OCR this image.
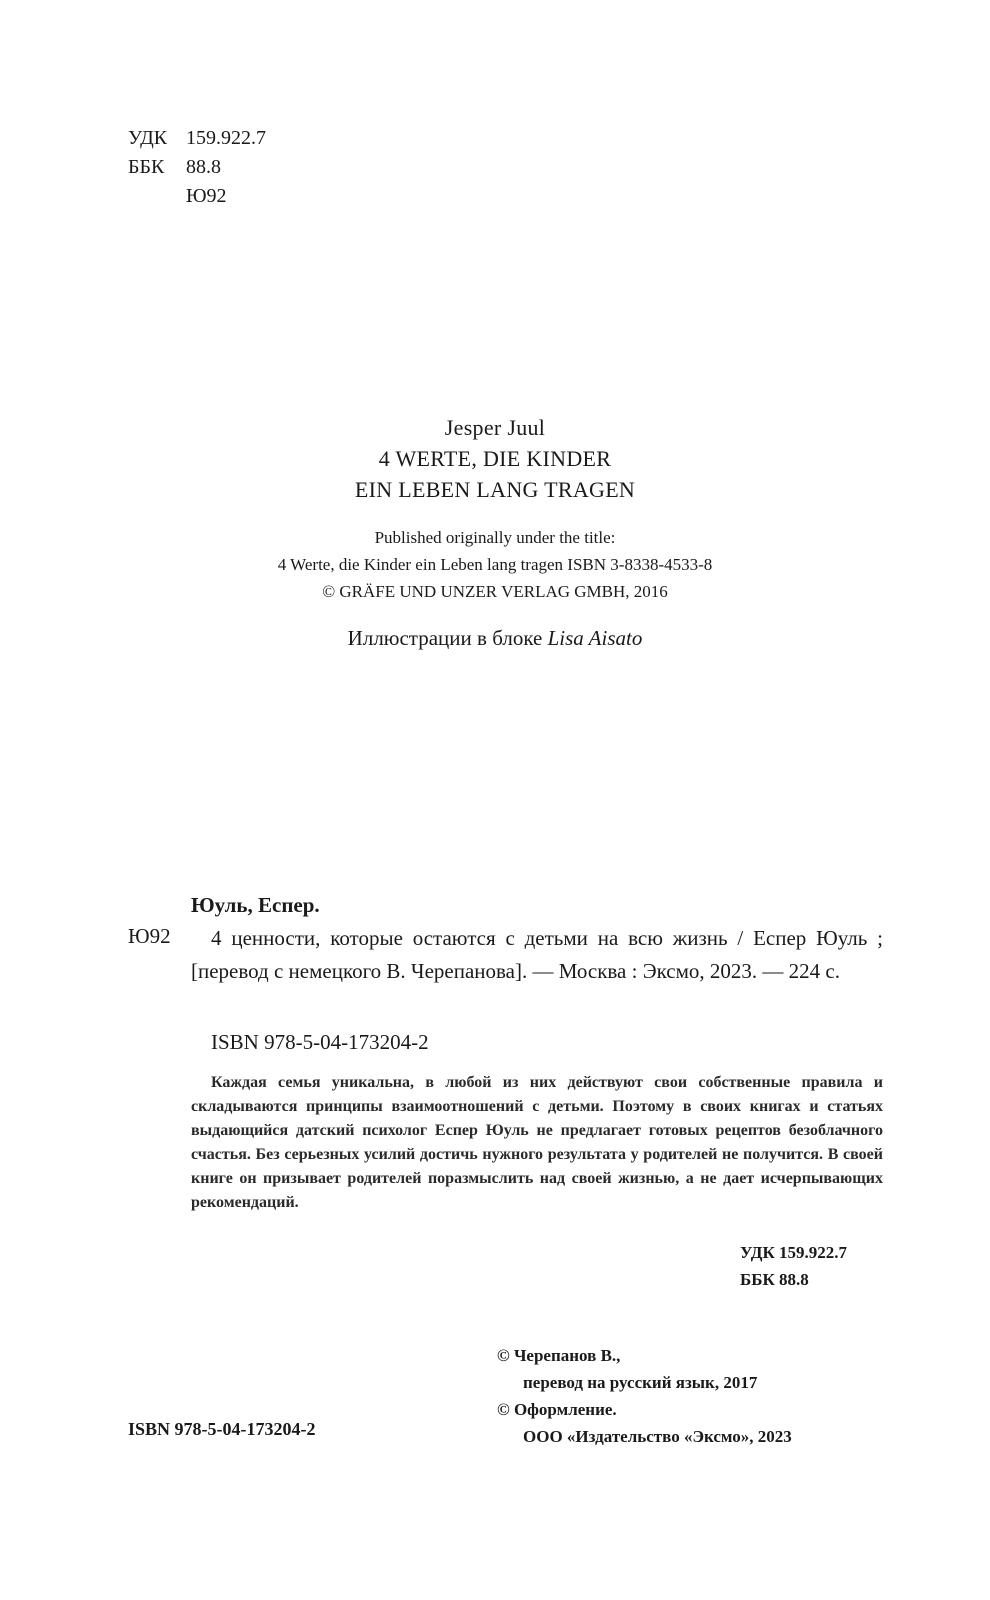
УДК 159.922.7
ББК	88.8
Ю92
Jesper Juul
4 WERTE, DIE KINDER
EIN LEBEN LANG TRAGEN
Published originally under the title:
4 Werte, die Kinder ein Leben lang tragen ISBN 3-8338-4533-8
© GRÄFE UND UNZER VERLAG GMBH, 2016
Иллюстрации в блоке Lisa Aisato
Юуль, Еспер.
Ю92	4 ценности, которые остаются с детьми на всю жизнь / Еспер Юуль ; [перевод с немецкого В. Черепанова]. — Москва : Эксмо, 2023. — 224 с.
ISBN 978-5-04-173204-2
Каждая семья уникальна, в любой из них действуют свои собственные правила и складываются принципы взаимоотношений с детьми. Поэтому в своих книгах и статьях выдающийся датский психолог Еспер Юуль не предлагает готовых рецептов безоблачного счастья. Без серьезных усилий достичь нужного результата у родителей не получится. В своей книге он призывает родителей поразмыслить над своей жизнью, а не дает исчерпывающих рекомендаций.
УДК 159.922.7
ББК 88.8
© Черепанов В.,
перевод на русский язык, 2017
© Оформление.
ООО «Издательство «Эксмо», 2023
ISBN 978-5-04-173204-2
